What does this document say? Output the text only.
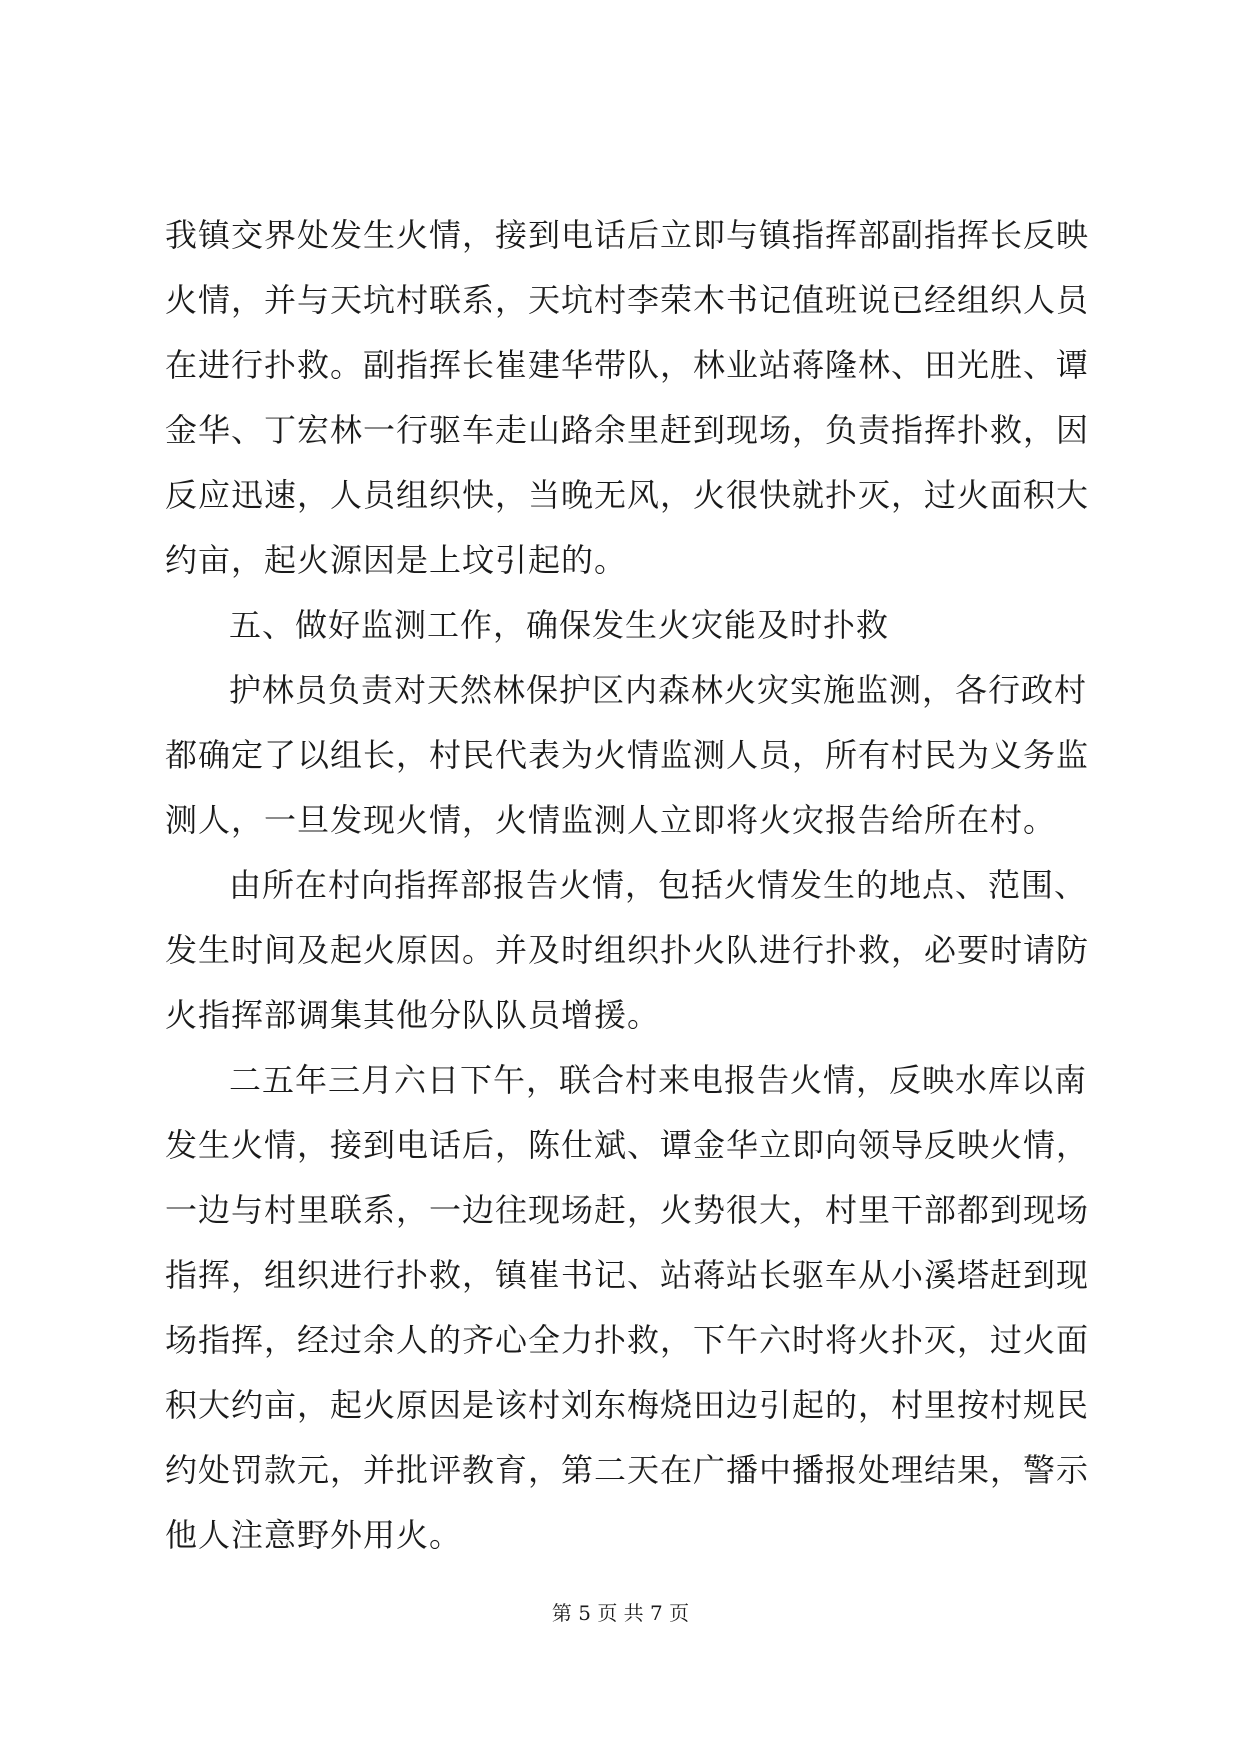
我镇交界处发生火情，接到电话后立即与镇指挥部副指挥长反映
火情，并与天坑村联系，天坑村李荣木书记值班说已经组织人员
在进行扑救。副指挥长崔建华带队，林业站蒋隆林、田光胜、谭
金华、丁宏林一行驱车走山路余里赶到现场，负责指挥扑救，因
反应迅速，人员组织快，当晚无风，火很快就扑灭，过火面积大
约亩，起火源因是上坟引起的。
五、做好监测工作，确保发生火灾能及时扑救
护林员负责对天然林保护区内森林火灾实施监测，各行政村
都确定了以组长，村民代表为火情监测人员，所有村民为义务监
测人，一旦发现火情，火情监测人立即将火灾报告给所在村。
由所在村向指挥部报告火情，包括火情发生的地点、范围、
发生时间及起火原因。并及时组织扑火队进行扑救，必要时请防
火指挥部调集其他分队队员增援。
二五年三月六日下午，联合村来电报告火情，反映水库以南
发生火情，接到电话后，陈仕斌、谭金华立即向领导反映火情，
一边与村里联系，一边往现场赶，火势很大，村里干部都到现场
指挥，组织进行扑救，镇崔书记、站蒋站长驱车从小溪塔赶到现
场指挥，经过余人的齐心全力扑救，下午六时将火扑灭，过火面
积大约亩，起火原因是该村刘东梅烧田边引起的，村里按村规民
约处罚款元，并批评教育，第二天在广播中播报处理结果，警示
他人注意野外用火。
第 5 页 共 7 页
